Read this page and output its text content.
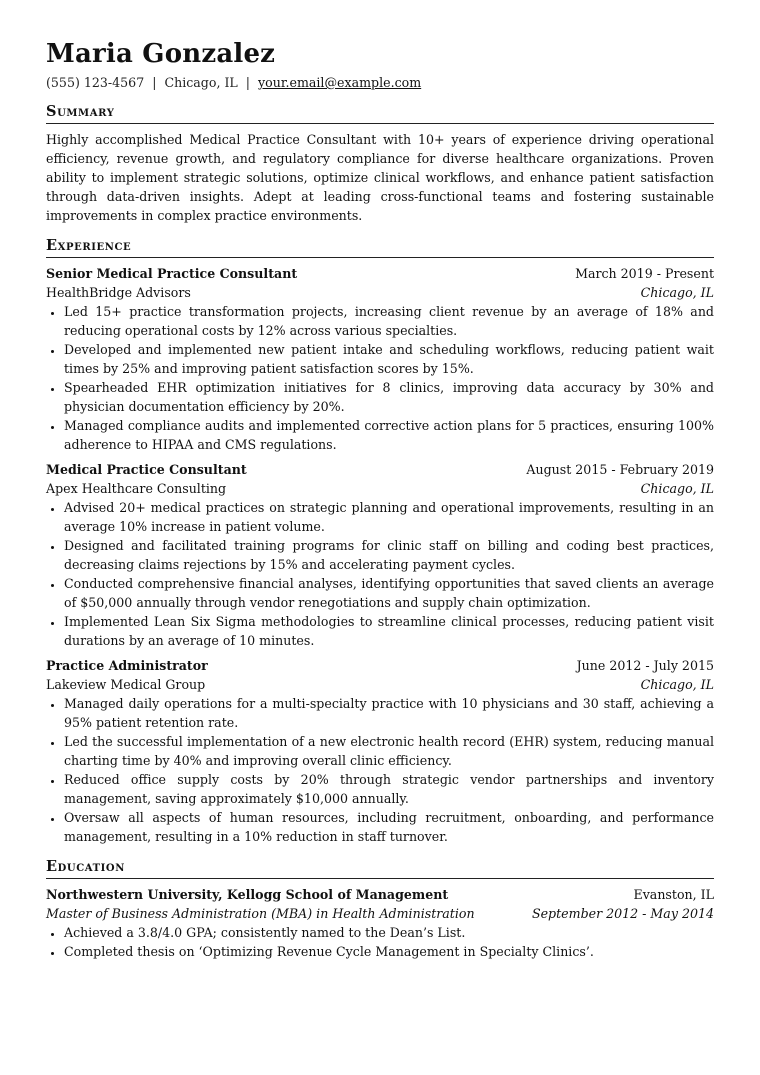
Maria Gonzalez
(555) 123-4567 | Chicago, IL | your.email@example.com
Summary
Highly accomplished Medical Practice Consultant with 10+ years of experience driving operational efficiency, revenue growth, and regulatory compliance for diverse healthcare organizations. Proven ability to implement strategic solutions, optimize clinical workflows, and enhance patient satisfaction through data-driven insights. Adept at leading cross-functional teams and fostering sustainable improvements in complex practice environments.
Experience
Senior Medical Practice Consultant	March 2019 - Present
HealthBridge Advisors	Chicago, IL
• Led 15+ practice transformation projects, increasing client revenue by an average of 18% and reducing operational costs by 12% across various specialties.
• Developed and implemented new patient intake and scheduling workflows, reducing patient wait times by 25% and improving patient satisfaction scores by 15%.
• Spearheaded EHR optimization initiatives for 8 clinics, improving data accuracy by 30% and physician documentation efficiency by 20%.
• Managed compliance audits and implemented corrective action plans for 5 practices, ensuring 100% adherence to HIPAA and CMS regulations.
Medical Practice Consultant	August 2015 - February 2019
Apex Healthcare Consulting	Chicago, IL
• Advised 20+ medical practices on strategic planning and operational improvements, resulting in an average 10% increase in patient volume.
• Designed and facilitated training programs for clinic staff on billing and coding best practices, decreasing claims rejections by 15% and accelerating payment cycles.
• Conducted comprehensive financial analyses, identifying opportunities that saved clients an average of $50,000 annually through vendor renegotiations and supply chain optimization.
• Implemented Lean Six Sigma methodologies to streamline clinical processes, reducing patient visit durations by an average of 10 minutes.
Practice Administrator	June 2012 - July 2015
Lakeview Medical Group	Chicago, IL
• Managed daily operations for a multi-specialty practice with 10 physicians and 30 staff, achieving a 95% patient retention rate.
• Led the successful implementation of a new electronic health record (EHR) system, reducing manual charting time by 40% and improving overall clinic efficiency.
• Reduced office supply costs by 20% through strategic vendor partnerships and inventory management, saving approximately $10,000 annually.
• Oversaw all aspects of human resources, including recruitment, onboarding, and performance management, resulting in a 10% reduction in staff turnover.
Education
Northwestern University, Kellogg School of Management	Evanston, IL
Master of Business Administration (MBA) in Health Administration	September 2012 - May 2014
• Achieved a 3.8/4.0 GPA; consistently named to the Dean’s List.
• Completed thesis on ‘Optimizing Revenue Cycle Management in Specialty Clinics’.
